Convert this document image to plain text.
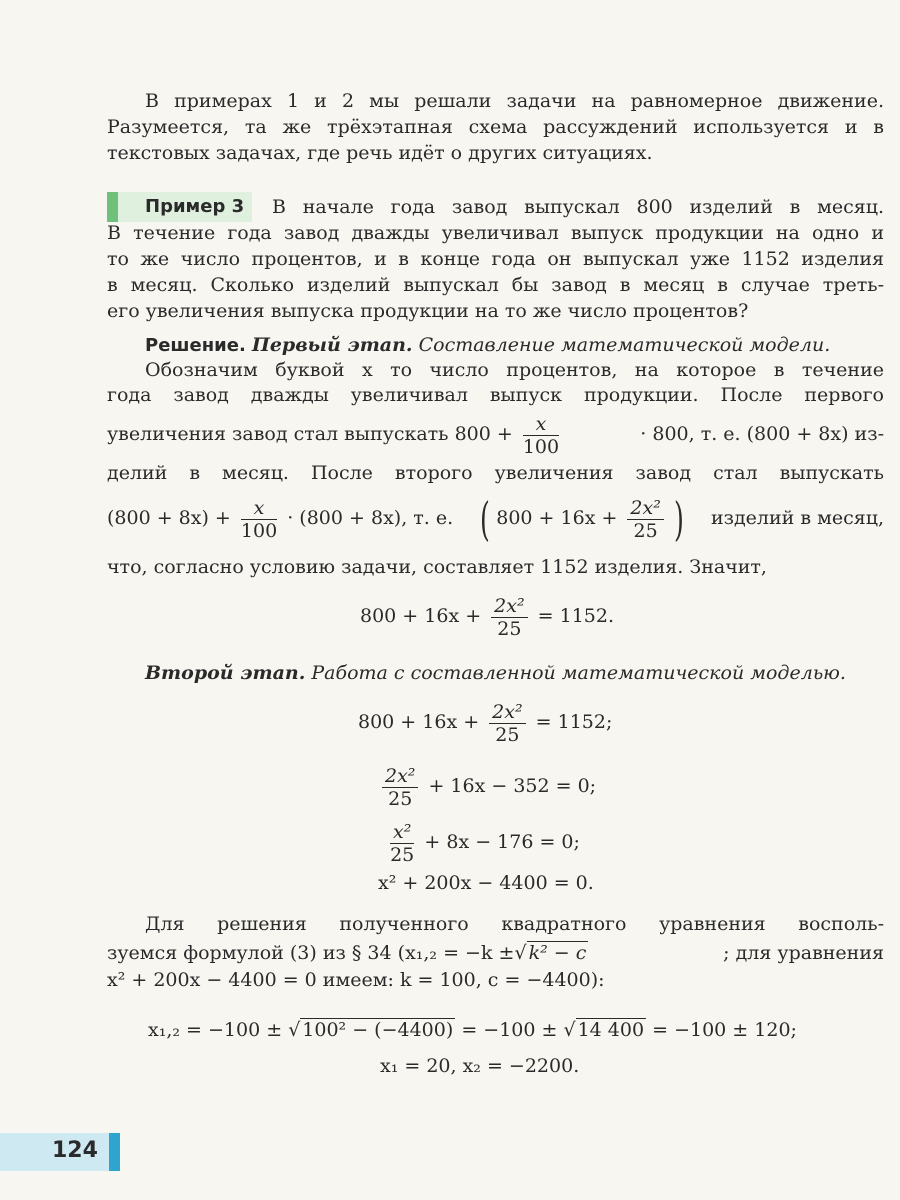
В примерах 1 и 2 мы решали задачи на равномерное движение.
Разумеется, та же трёхэтапная схема рассуждений используется и в
текстовых задачах, где речь идёт о других ситуациях.
Пример 3 В начале года завод выпускал 800 изделий в месяц.
В течение года завод дважды увеличивал выпуск продукции на одно и
то же число процентов, и в конце года он выпускал уже 1152 изделия
в месяц. Сколько изделий выпускал бы завод в месяц в случае треть-
его увеличения выпуска продукции на то же число процентов?
Решение. Первый этап. Составление математической модели.
Обозначим буквой x то число процентов, на которое в течение
года завод дважды увеличивал выпуск продукции. После первого
увеличения завод стал выпускать $800 + \frac{x}{100}$	· 800, т. е. (800 + 8x) из-
делий в месяц. После второго увеличения завод стал выпускать
$(800 + 8x) + \frac{x}{100} \cdot (800 + 8x)$, т. е. ( $800 + 16x + \frac{\text{2x²}}{25}$ ) изделий в месяц,
что, согласно условию задачи, составляет 1152 изделия. Значит,
$800 + 16x + \frac{\text{2x²}}{25} = 1152$.
Второй этап. Работа с составленной математической моделью.
$800 + 16x + \frac{\text{2x²}}{25} = 1152$;
$\frac{\text{2x²}}{25} + 16x - 352 = 0$;
$\frac{\text{x²}}{25} + 8x - 176 = 0$;
x² + 200x − 4400 = 0.
Для решения полученного квадратного уравнения восполь-
зуемся формулой (3) из § 34 (x₁,₂ = −k ±√ k² − c	; для уравнения
x² + 200x − 4400 = 0 имеем: k = 100, c = −4400):
x₁,₂ = −100 ± √ 100² − (−4400) = −100 ± √ 14 400 = −100 ± 120;
x₁ = 20, x₂ = −2200.
124
